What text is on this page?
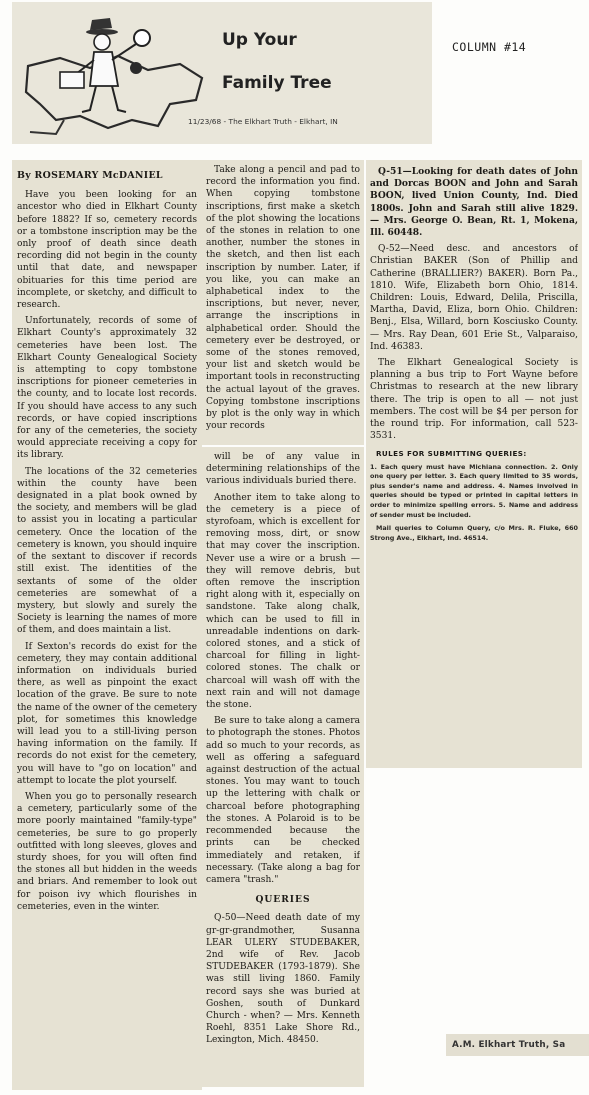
Up Your
Family Tree
11/23/68 - The Elkhart Truth - Elkhart, IN
COLUMN #14

By ROSEMARY McDANIEL

Have you been looking for an ancestor who died in Elkhart County before 1882? If so, cemetery records or a tombstone inscription may be the only proof of death since death recording did not begin in the county until that date, and newspaper obituaries for this time period are incomplete, or sketchy, and difficult to research.

Unfortunately, records of some of Elkhart County's approximately 32 cemeteries have been lost. The Elkhart County Genealogical Society is attempting to copy tombstone inscriptions for pioneer cemeteries in the county, and to locate lost records. If you should have access to any such records, or have copied inscriptions for any of the cemeteries, the society would appreciate receiving a copy for its library.

The locations of the 32 cemeteries within the county have been designated in a plat book owned by the society, and members will be glad to assist you in locating a particular cemetery. Once the location of the cemetery is known, you should inquire of the sextant to discover if records still exist. The identities of the sextants of some of the older cemeteries are somewhat of a mystery, but slowly and surely the Society is learning the names of more of them, and does maintain a list.

If Sexton's records do exist for the cemetery, they may contain additional information on individuals buried there, as well as pinpoint the exact location of the grave. Be sure to note the name of the owner of the cemetery plot, for sometimes this knowledge will lead you to a still-living person having information on the family. If records do not exist for the cemetery, you will have to "go on location" and attempt to locate the plot yourself.

When you go to personally research a cemetery, particularly some of the more poorly maintained "family-type" cemeteries, be sure to go properly outfitted with long sleeves, gloves and sturdy shoes, for you will often find the stones all but hidden in the weeds and briars. And remember to look out for poison ivy which flourishes in cemeteries, even in the winter.

Take along a pencil and pad to record the information you find. When copying tombstone inscriptions, first make a sketch of the plot showing the locations of the stones in relation to one another, number the stones in the sketch, and then list each inscription by number. Later, if you like, you can make an alphabetical index to the inscriptions, but never, never, arrange the inscriptions in alphabetical order. Should the cemetery ever be destroyed, or some of the stones removed, your list and sketch would be important tools in reconstructing the actual layout of the graves. Copying tombstone inscriptions by plot is the only way in which your records

will be of any value in determining relationships of the various individuals buried there.

Another item to take along to the cemetery is a piece of styrofoam, which is excellent for removing moss, dirt, or snow that may cover the inscription. Never use a wire or a brush —they will remove debris, but often remove the inscription right along with it, especially on sandstone. Take along chalk, which can be used to fill in unreadable indentions on dark-colored stones, and a stick of charcoal for filling in light-colored stones. The chalk or charcoal will wash off with the next rain and will not damage the stone.

Be sure to take along a camera to photograph the stones. Photos add so much to your records, as well as offering a safeguard against destruction of the actual stones. You may want to touch up the lettering with chalk or charcoal before photographing the stones. A Polaroid is to be recommended because the prints can be checked immediately and retaken, if necessary. (Take along a bag for camera "trash."

QUERIES

Q-50—Need death date of my gr-gr-grandmother, Susanna LEAR ULERY STUDEBAKER, 2nd wife of Rev. Jacob STUDEBAKER (1793-1879). She was still living 1860. Family record says she was buried at Goshen, south of Dunkard Church - when? — Mrs. Kenneth Roehl, 8351 Lake Shore Rd., Lexington, Mich. 48450.

Q-51—Looking for death dates of John and Dorcas BOON and John and Sarah BOON, lived Union County, Ind. Died 1800s. John and Sarah still alive 1829. — Mrs. George O. Bean, Rt. 1, Mokena, Ill. 60448.

Q-52—Need desc. and ancestors of Christian BAKER (Son of Phillip and Catherine (BRALLIER?) BAKER). Born Pa., 1810. Wife, Elizabeth born Ohio, 1814. Children: Louis, Edward, Delila, Priscilla, Martha, David, Eliza, born Ohio. Children: Benj., Elsa, Willard, born Kosciusko County. — Mrs. Ray Dean, 601 Erie St., Valparaiso, Ind. 46383.

The Elkhart Genealogical Society is planning a bus trip to Fort Wayne before Christmas to research at the new library there. The trip is open to all — not just members. The cost will be $4 per person for the round trip. For information, call 523-3531.

RULES FOR SUBMITTING QUERIES:

1. Each query must have Michiana connection. 2. Only one query per letter. 3. Each query limited to 35 words, plus sender's name and address. 4. Names involved in queries should be typed or printed in capital letters in order to minimize spelling errors. 5. Name and address of sender must be included.

Mail queries to Column Query, c/o Mrs. R. Fluke, 660 Strong Ave., Elkhart, Ind. 46514.

A.M. Elkhart Truth, Sa
